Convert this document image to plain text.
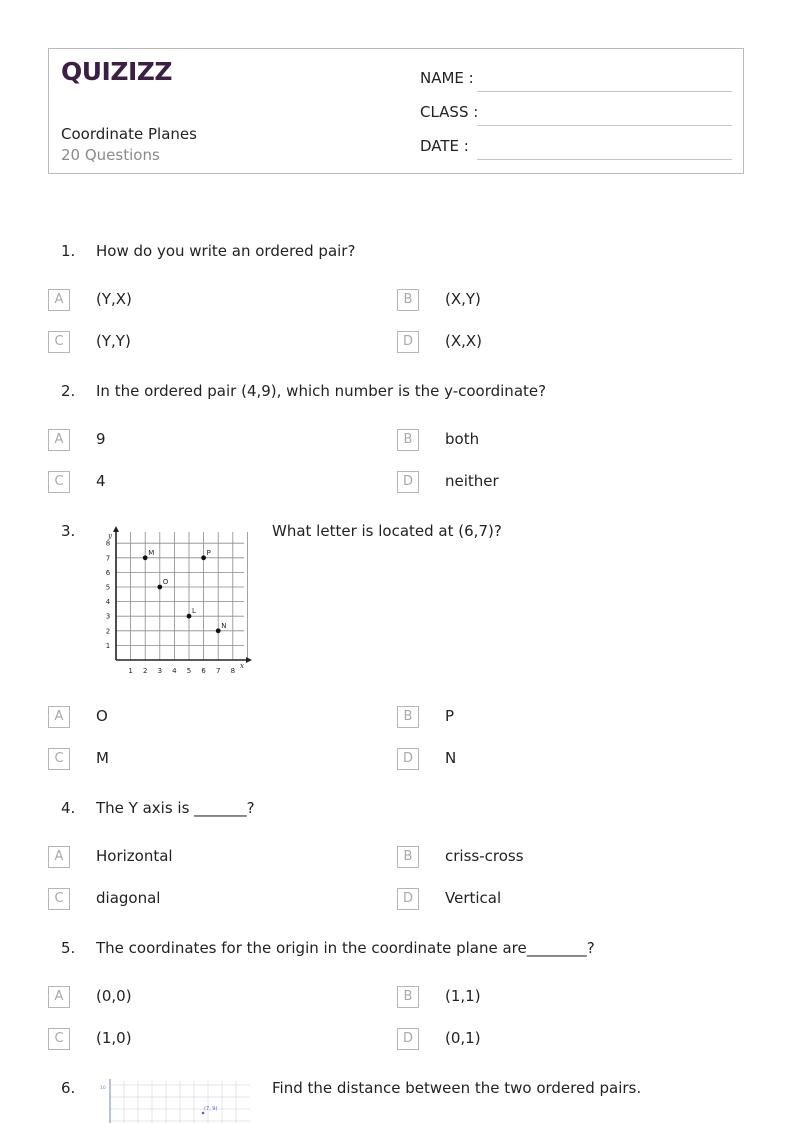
QUIZIZZ
Coordinate Planes
20 Questions
NAME :
CLASS :
DATE :
1. How do you write an ordered pair?
A	(Y,X)	B	(X,Y)
C	(Y,Y)	D	(X,X)
2. In the ordered pair (4,9), which number is the y-coordinate?
A	9	B	both
C	4	D	neither
3.
1 2 3 4 5 6 7 8
1
2
3
4
5
6
7
8
x
y
M	P
O
L
N
What letter is located at (6,7)?
A	O	B	P
C	M	D	N
4. The Y axis is _______?
A	Horizontal	B	criss-cross
C	diagonal	D	Vertical
5. The coordinates for the origin in the coordinate plane are________?
A	(0,0)	B	(1,1)
C	(1,0)	D	(0,1)
6.	10
(7, 9)
Find the distance between the two ordered pairs.
